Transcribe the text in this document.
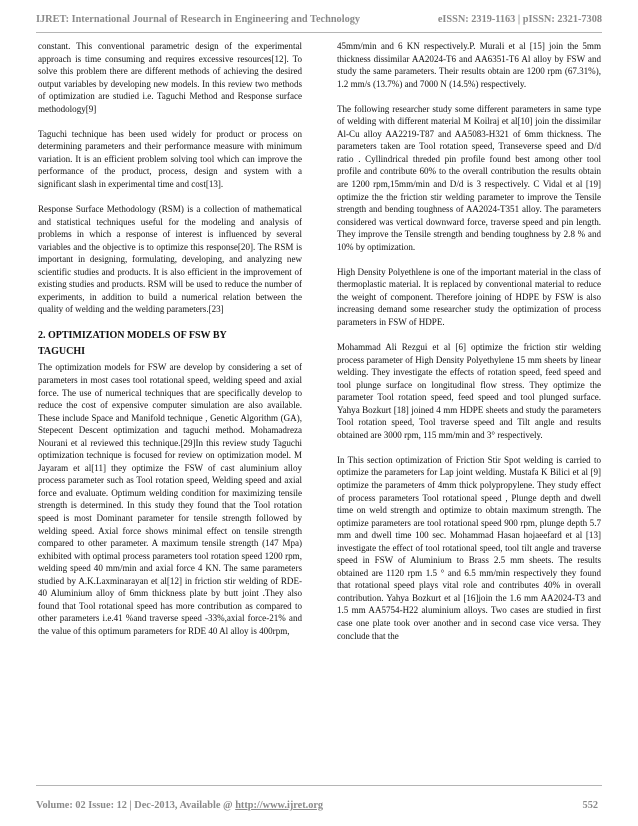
IJRET: International Journal of Research in Engineering and Technology	eISSN: 2319-1163 | pISSN: 2321-7308

constant. This conventional parametric design of the experimental approach is time consuming and requires excessive resources[12]. To solve this problem there are different methods of achieving the desired output variables by developing new models. In this review two methods of optimization are studied i.e. Taguchi Method and Response surface methodology[9]

Taguchi technique has been used widely for product or process on determining parameters and their performance measure with minimum variation. It is an efficient problem solving tool which can improve the performance of the product, process, design and system with a significant slash in experimental time and cost[13].

Response Surface Methodology (RSM) is a collection of mathematical and statistical techniques useful for the modeling and analysis of problems in which a response of interest is influenced by several variables and the objective is to optimize this response[20]. The RSM is important in designing, formulating, developing, and analyzing new scientific studies and products. It is also efficient in the improvement of existing studies and products. RSM will be used to reduce the number of experiments, in addition to build a numerical relation between the quality of welding and the welding parameters.[23]

2. OPTIMIZATION MODELS OF FSW BY
TAGUCHI

The optimization models for FSW are develop by considering a set of parameters in most cases tool rotational speed, welding speed and axial force. The use of numerical techniques that are specifically develop to reduce the cost of expensive computer simulation are also available. These include Space and Manifold technique , Genetic Algorithm (GA), Stepecent Descent optimization and taguchi method. Mohamadreza Nourani et al reviewed this technique.[29]In this review study Taguchi optimization technique is focused for review on optimization model. M Jayaram et al[11] they optimize the FSW of cast aluminium alloy process parameter such as Tool rotation speed, Welding speed and axial force and evaluate. Optimum welding condition for maximizing tensile strength is determined. In this study they found that the Tool rotation speed is most Dominant parameter for tensile strength followed by welding speed. Axial force shows minimal effect on tensile strength compared to other parameter. A maximum tensile strength (147 Mpa) exhibited with optimal process parameters tool rotation speed 1200 rpm, welding speed 40 mm/min and axial force 4 KN. The same parameters studied by A.K.Laxminarayan et al[12] in friction stir welding of RDE-40 Aluminium alloy of 6mm thickness plate by butt joint .They also found that Tool rotational speed has more contribution as compared to other parameters i.e.41 %and traverse speed -33%,axial force-21% and the value of this optimum parameters for RDE 40 Al alloy is 400rpm,

45mm/min and 6 KN respectively.P. Murali et al [15] join the 5mm thickness dissimilar AA2024-T6 and AA6351-T6 Al alloy by FSW and study the same parameters. Their results obtain are 1200 rpm (67.31%), 1.2 mm/s (13.7%) and 7000 N (14.5%) respectively.

The following researcher study some different parameters in same type of welding with different material M Koilraj et al[10] join the dissimilar Al-Cu alloy AA2219-T87 and AA5083-H321 of 6mm thickness. The parameters taken are Tool rotation speed, Transeverse speed and D/d ratio . Cyllindrical threded pin profile found best among other tool profile and contribute 60% to the overall contribution the results obtain are 1200 rpm,15mm/min and D/d is 3 respectively. C Vidal et al [19] optimize the the friction stir welding parameter to improve the Tensile strength and bending toughness of AA2024-T351 alloy. The parameters considered was vertical downward force, traverse speed and pin length. They improve the Tensile strength and bending toughness by 2.8 % and 10% by optimization.

High Density Polyethlene is one of the important material in the class of thermoplastic material. It is replaced by conventional material to reduce the weight of component. Therefore joining of HDPE by FSW is also increasing demand some researcher study the optimization of process parameters in FSW of HDPE.

Mohammad Ali Rezgui et al [6] optimize the friction stir welding process parameter of High Density Polyethylene 15 mm sheets by linear welding. They investigate the effects of rotation speed, feed speed and tool plunge surface on longitudinal flow stress. They optimize the parameter Tool rotation speed, feed speed and tool plunged surface. Yahya Bozkurt [18] joined 4 mm HDPE sheets and study the parameters Tool rotation speed, Tool traverse speed and Tilt angle and results obtained are 3000 rpm, 115 mm/min and 3° respectively.

In This section optimization of Friction Stir Spot welding is carried to optimize the parameters for Lap joint welding. Mustafa K Bilici et al [9] optimize the parameters of 4mm thick polypropylene. They study effect of process parameters Tool rotational speed , Plunge depth and dwell time on weld strength and optimize to obtain maximum strength. The optimize parameters are tool rotational speed 900 rpm, plunge depth 5.7 mm and dwell time 100 sec. Mohammad Hasan hojaeefard et al [13] investigate the effect of tool rotational speed, tool tilt angle and traverse speed in FSW of Aluminium to Brass 2.5 mm sheets. The results obtained are 1120 rpm 1.5 ° and 6.5 mm/min respectively they found that rotational speed plays vital role and contributes 40% in overall contribution. Yahya Bozkurt et al [16]join the 1.6 mm AA2024-T3 and 1.5 mm AA5754-H22 aluminium alloys. Two cases are studied in first case one plate took over another and in second case vice versa. They conclude that the

Volume: 02 Issue: 12 | Dec-2013, Available @ http://www.ijret.org	552
